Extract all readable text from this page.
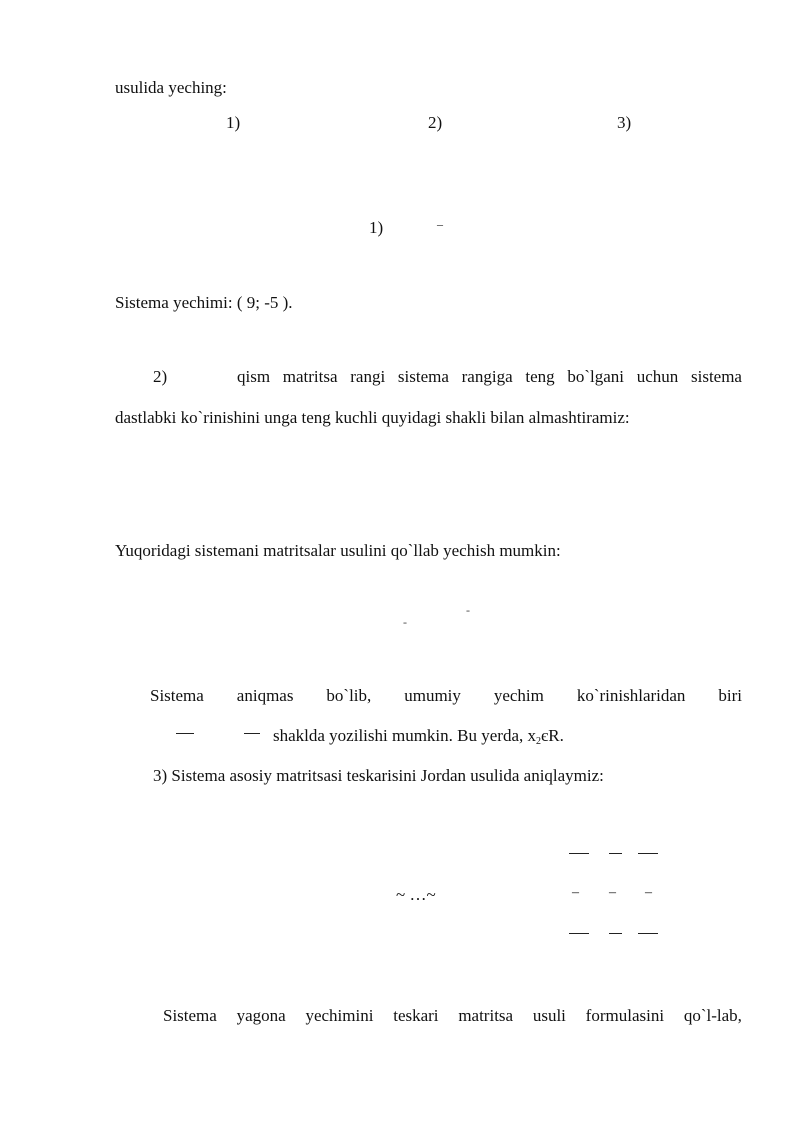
usulida yeching:
1)	2)	3)
1)	–
Sistema yechimi: ( 9; -5 ).
2)	qism matritsa rangi sistema rangiga teng bo`lgani uchun sistema
dastlabki ko`rinishini unga teng kuchli quyidagi shakli bilan almashtiramiz:
Yuqoridagi sistemani matritsalar usulini qo`llab yechish mumkin:
-
-
Sistema aniqmas bo`lib, umumiy yechim ko`rinishlaridan biri
shaklda yozilishi mumkin. Bu yerda, $x_2єR$.
3) Sistema asosiy matritsasi teskarisini Jordan usulida aniqlaymiz:
~ …~	– – –
Sistema yagona yechimini teskari matritsa usuli formulasini qo`l-lab,
